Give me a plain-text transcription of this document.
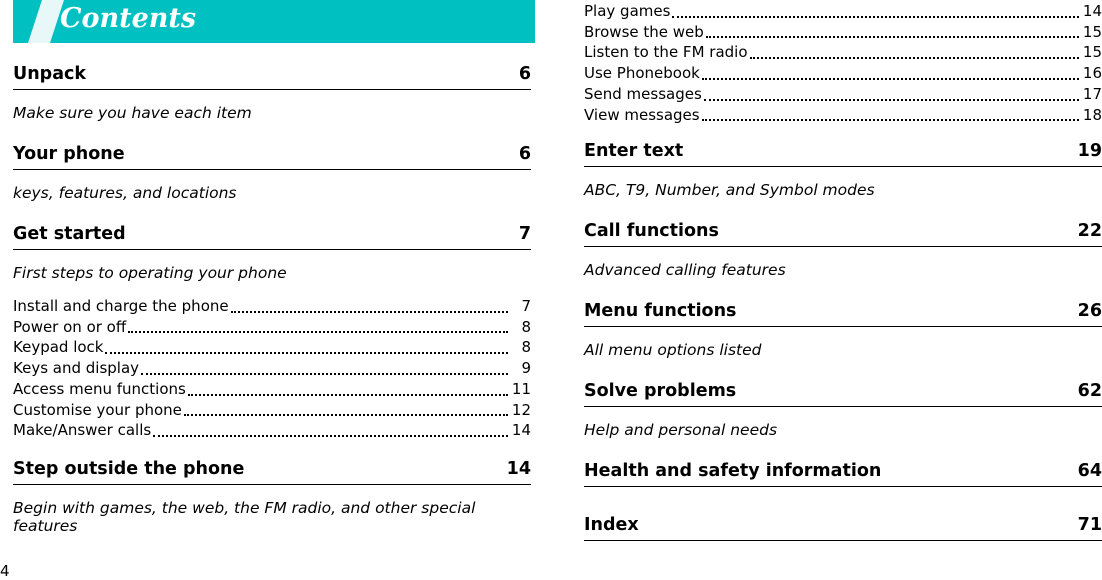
Contents
Unpack	6
Make sure you have each item
Your phone	6
keys, features, and locations
Get started	7
First steps to operating your phone
Install and charge the phone	7
Power on or off	8
Keypad lock	8
Keys and display	9
Access menu functions	11
Customise your phone	12
Make/Answer calls	14
Step outside the phone	14
Begin with games, the web, the FM radio, and other special features
Play games	14
Browse the web	15
Listen to the FM radio	15
Use Phonebook	16
Send messages	17
View messages	18
Enter text	19
ABC, T9, Number, and Symbol modes
Call functions	22
Advanced calling features
Menu functions	26
All menu options listed
Solve problems	62
Help and personal needs
Health and safety information	64
Index	71
4
